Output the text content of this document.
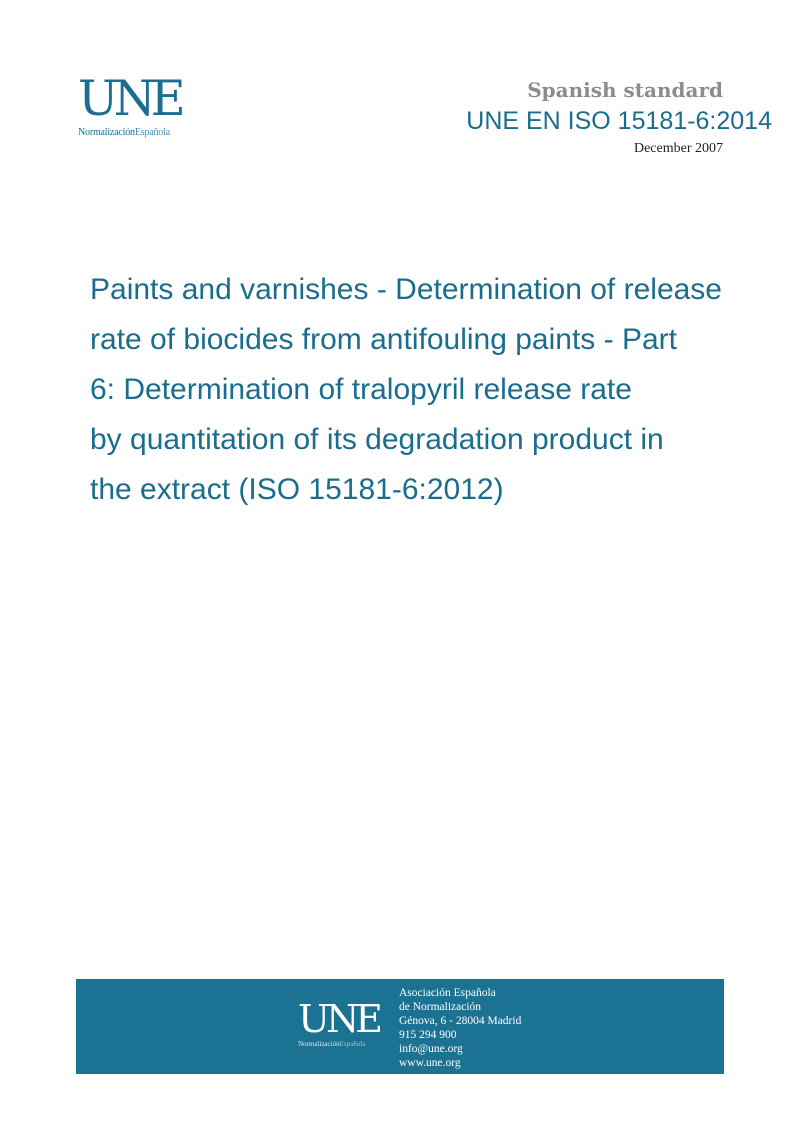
UNE
NormalizaciónEspañola
Spanish standard
UNE EN ISO 15181-6:2014
December 2007
Paints and varnishes - Determination of release
rate of biocides from antifouling paints - Part
6: Determination of tralopyril release rate
by quantitation of its degradation product in
the extract (ISO 15181-6:2012)
UNE
NormalizaciónEspañola
Asociación Española
de Normalización
Génova, 6 - 28004 Madrid
915 294 900
info@une.org
www.une.org
